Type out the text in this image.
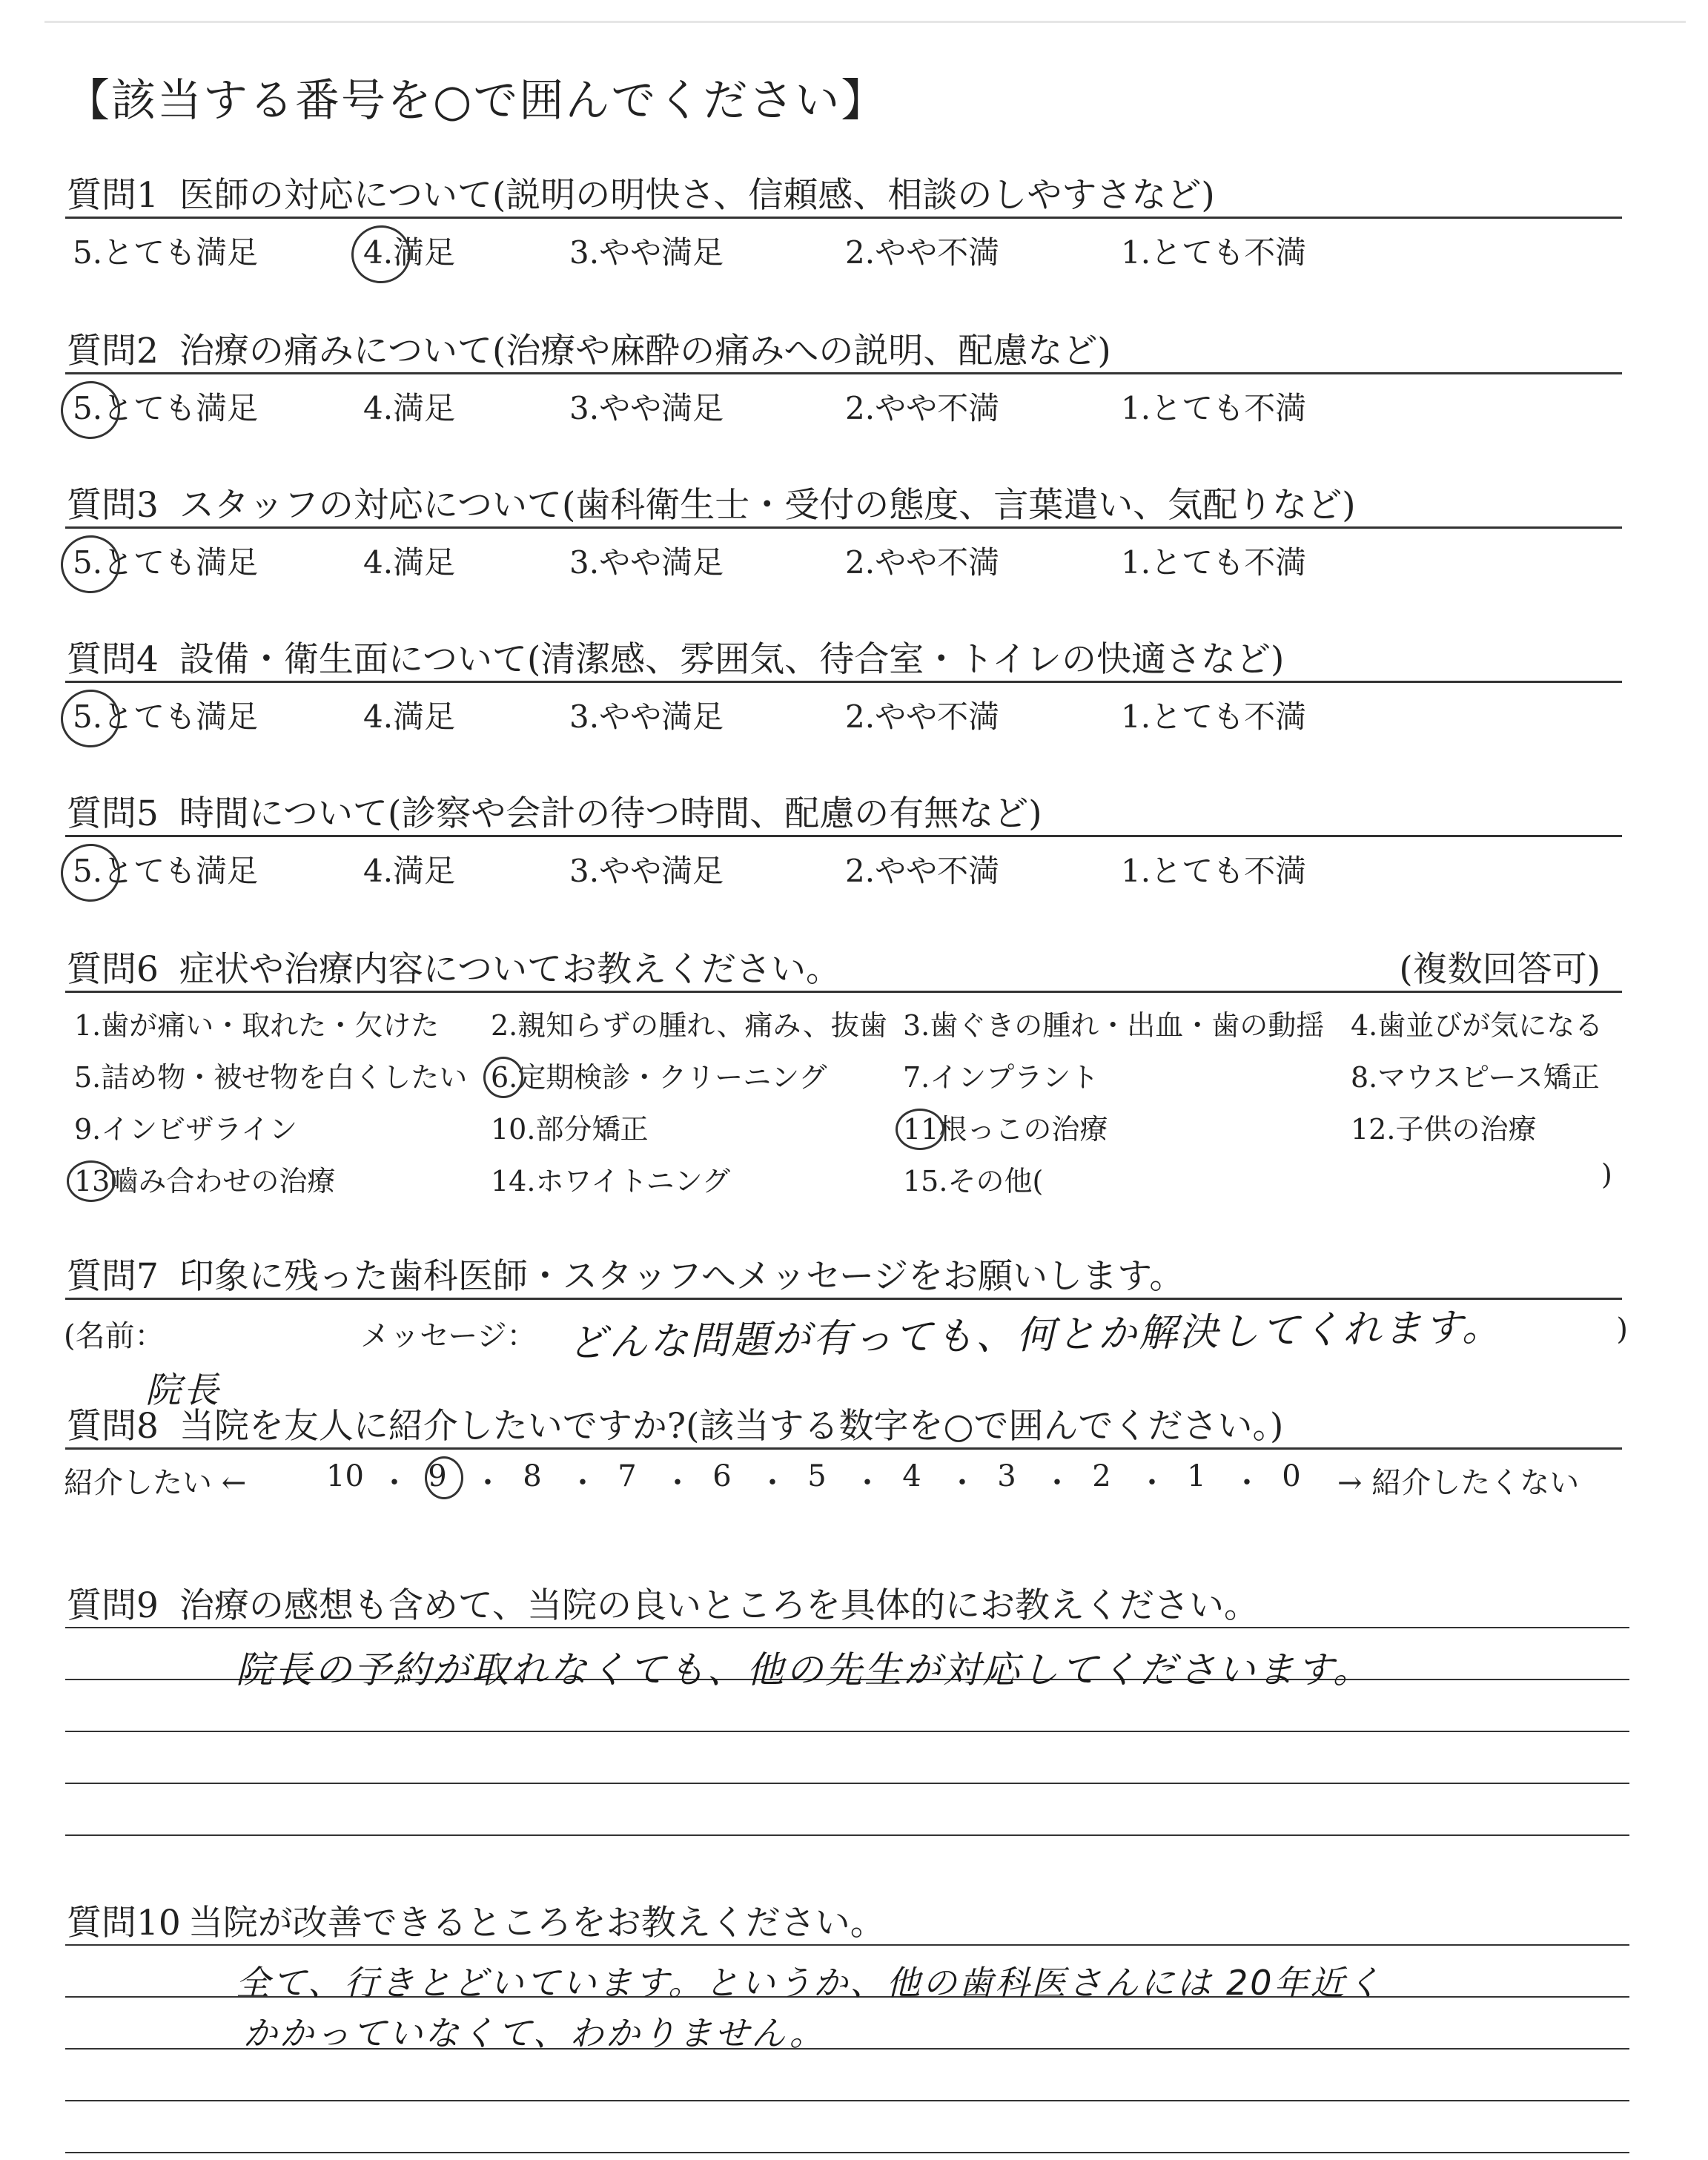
【該当する番号を○で囲んでください】
質問1 医師の対応について(説明の明快さ、信頼感、相談のしやすさなど)
5.とても満足	4.満足	3.やや満足	2.やや不満	1.とても不満
質問2 治療の痛みについて(治療や麻酔の痛みへの説明、配慮など)
5.とても満足	4.満足	3.やや満足	2.やや不満	1.とても不満
質問3 スタッフの対応について(歯科衛生士・受付の態度、言葉遣い、気配りなど)
5.とても満足	4.満足	3.やや満足	2.やや不満	1.とても不満
質問4 設備・衛生面について(清潔感、雰囲気、待合室・トイレの快適さなど)
5.とても満足	4.満足	3.やや満足	2.やや不満	1.とても不満
質問5 時間について(診察や会計の待つ時間、配慮の有無など)
5.とても満足	4.満足	3.やや満足	2.やや不満	1.とても不満
質問6 症状や治療内容についてお教えください。	(複数回答可)
1.歯が痛い・取れた・欠けた 2.親知らずの腫れ、痛み、抜歯 3.歯ぐきの腫れ・出血・歯の動揺 4.歯並びが気になる
5.詰め物・被せ物を白くしたい 6.定期検診・クリーニング	7.インプラント	8.マウスピース矯正
9.インビザライン	10.部分矯正	11根っこの治療	12.子供の治療
13嚙み合わせの治療	14.ホワイトニング	15.その他(	)
質問7 印象に残った歯科医師・スタッフへメッセージをお願いします。
(名前：	メッセージ： どんな問題が有っても、何とか解決してくれます。	)
院長
質問8 当院を友人に紹介したいですか?(該当する数字を○で囲んでください。)
紹介したい ←	10 ・ 9 ・ 8 ・ 7 ・ 6 ・ 5 ・ 4 ・ 3 ・ 2 ・ 1 ・ 0 → 紹介したくない
質問9 治療の感想も含めて、当院の良いところを具体的にお教えください。
院長の予約が取れなくても、他の先生が対応してくださいます。
質問10 当院が改善できるところをお教えください。
全て、行きとどいています。というか、他の歯科医さんには 20年近く
かかっていなくて、わかりません。
